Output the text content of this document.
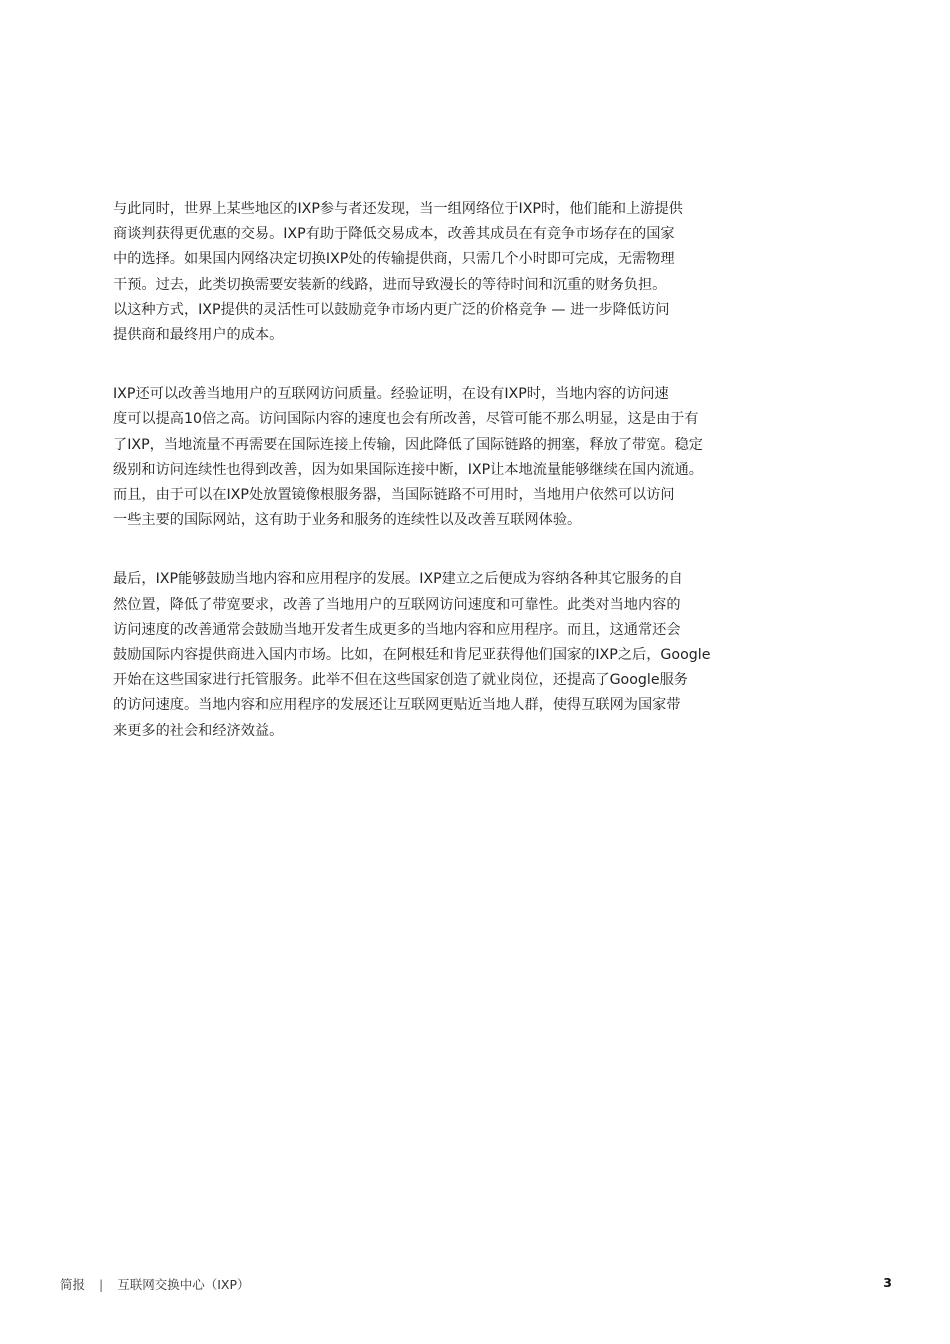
与此同时，世界上某些地区的IXP参与者还发现，当一组网络位于IXP时，他们能和上游提供
商谈判获得更优惠的交易。IXP有助于降低交易成本，改善其成员在有竞争市场存在的国家
中的选择。如果国内网络决定切换IXP处的传输提供商，只需几个小时即可完成，无需物理
干预。过去，此类切换需要安装新的线路，进而导致漫长的等待时间和沉重的财务负担。
以这种方式，IXP提供的灵活性可以鼓励竞争市场内更广泛的价格竞争 — 进一步降低访问
提供商和最终用户的成本。

IXP还可以改善当地用户的互联网访问质量。经验证明，在设有IXP时，当地内容的访问速
度可以提高10倍之高。访问国际内容的速度也会有所改善，尽管可能不那么明显，这是由于有
了IXP，当地流量不再需要在国际连接上传输，因此降低了国际链路的拥塞，释放了带宽。稳定
级别和访问连续性也得到改善，因为如果国际连接中断，IXP让本地流量能够继续在国内流通。
而且，由于可以在IXP处放置镜像根服务器，当国际链路不可用时，当地用户依然可以访问
一些主要的国际网站，这有助于业务和服务的连续性以及改善互联网体验。

最后，IXP能够鼓励当地内容和应用程序的发展。IXP建立之后便成为容纳各种其它服务的自
然位置，降低了带宽要求，改善了当地用户的互联网访问速度和可靠性。此类对当地内容的
访问速度的改善通常会鼓励当地开发者生成更多的当地内容和应用程序。而且，这通常还会
鼓励国际内容提供商进入国内市场。比如，在阿根廷和肯尼亚获得他们国家的IXP之后，Google
开始在这些国家进行托管服务。此举不但在这些国家创造了就业岗位，还提高了Google服务
的访问速度。当地内容和应用程序的发展还让互联网更贴近当地人群，使得互联网为国家带
来更多的社会和经济效益。

简报 | 互联网交换中心（IXP）	3
